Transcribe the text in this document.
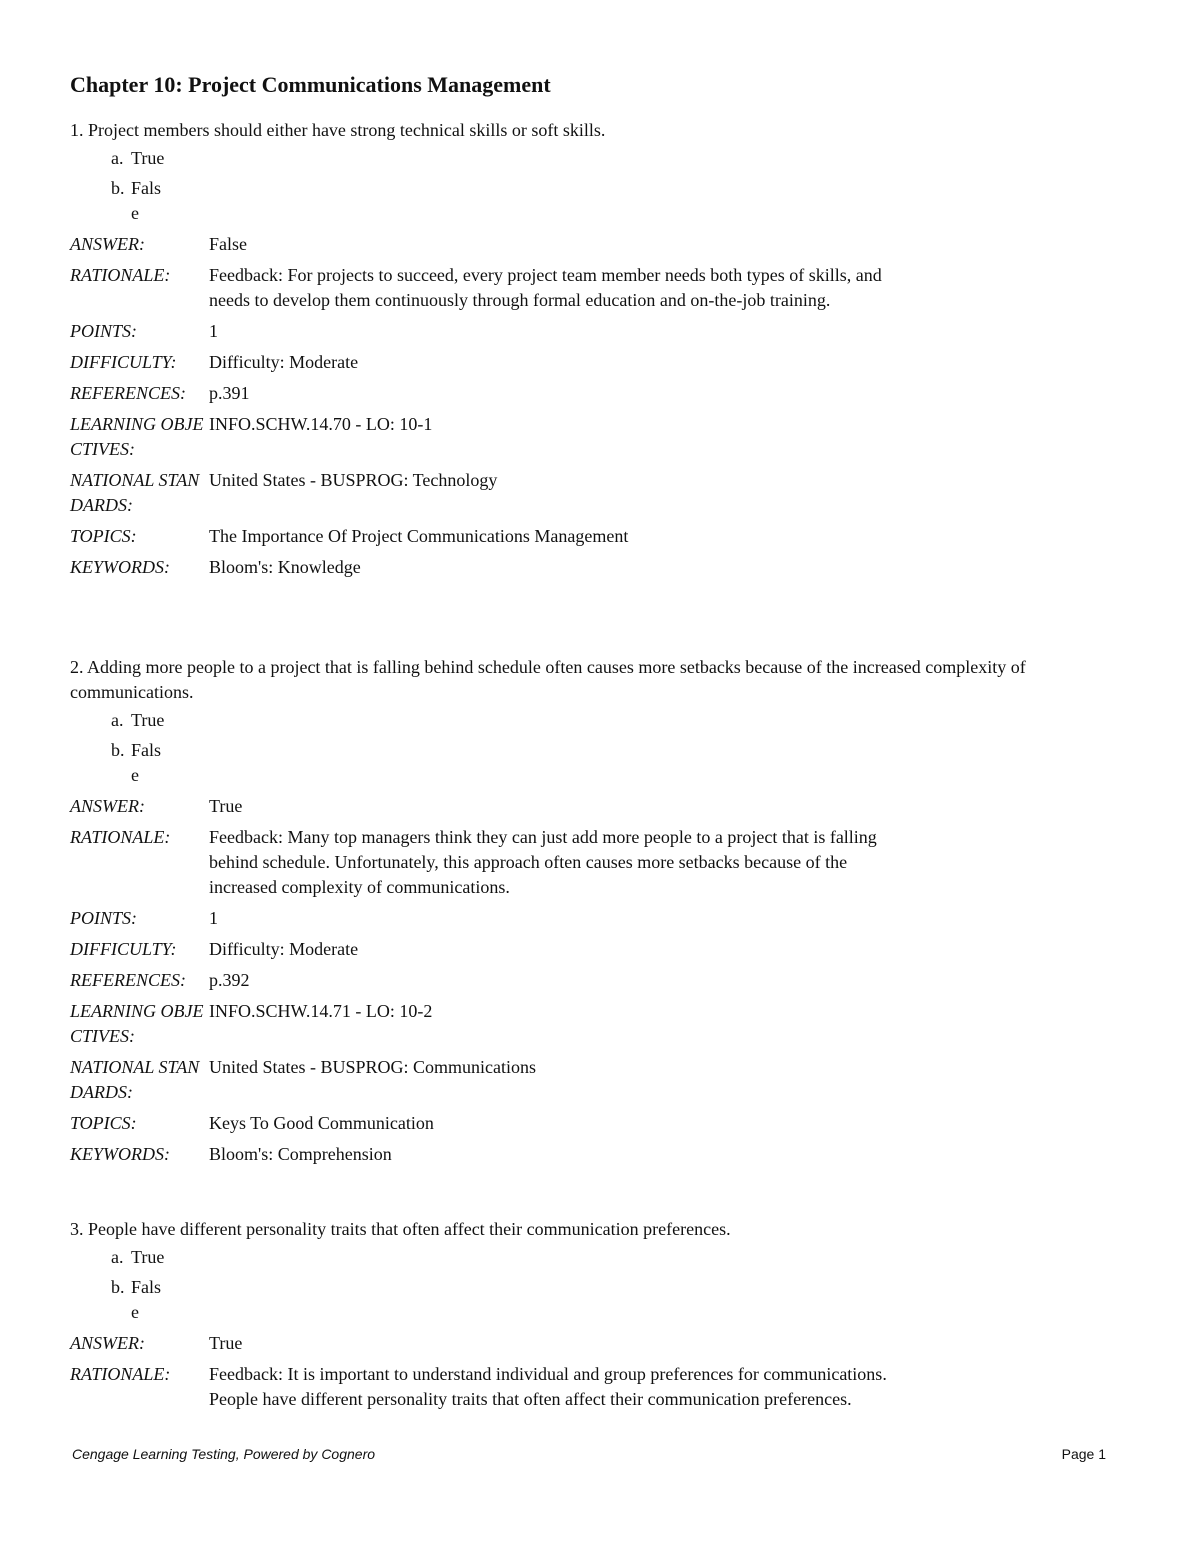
Chapter 10: Project Communications Management

1. Project members should either have strong technical skills or soft skills.

a. True
b. False
ANSWER:	False
RATIONALE:	Feedback: For projects to succeed, every project team member needs both types of skills, and needs to develop them continuously through formal education and on-the-job training.
POINTS:	1
DIFFICULTY:	Difficulty: Moderate
REFERENCES:	p.391
LEARNING OBJECTIVES:
INFO.SCHW.14.70 - LO: 10-1
NATIONAL STANDARDS:
United States - BUSPROG: Technology
TOPICS:	The Importance Of Project Communications Management
KEYWORDS:	Bloom's: Knowledge

2. Adding more people to a project that is falling behind schedule often causes more setbacks because of the increased complexity of communications.

a. True
b. False
ANSWER:	True
RATIONALE:	Feedback: Many top managers think they can just add more people to a project that is falling behind schedule. Unfortunately, this approach often causes more setbacks because of the increased complexity of communications.
POINTS:	1
DIFFICULTY:	Difficulty: Moderate
REFERENCES:	p.392
LEARNING OBJECTIVES:
INFO.SCHW.14.71 - LO: 10-2
NATIONAL STANDARDS:
United States - BUSPROG: Communications
TOPICS:	Keys To Good Communication
KEYWORDS:	Bloom's: Comprehension

3. People have different personality traits that often affect their communication preferences.

a. True
b. False
ANSWER:	True
RATIONALE:	Feedback: It is important to understand individual and group preferences for communications. People have different personality traits that often affect their communication preferences.
Cengage Learning Testing, Powered by Cognero	Page 1
